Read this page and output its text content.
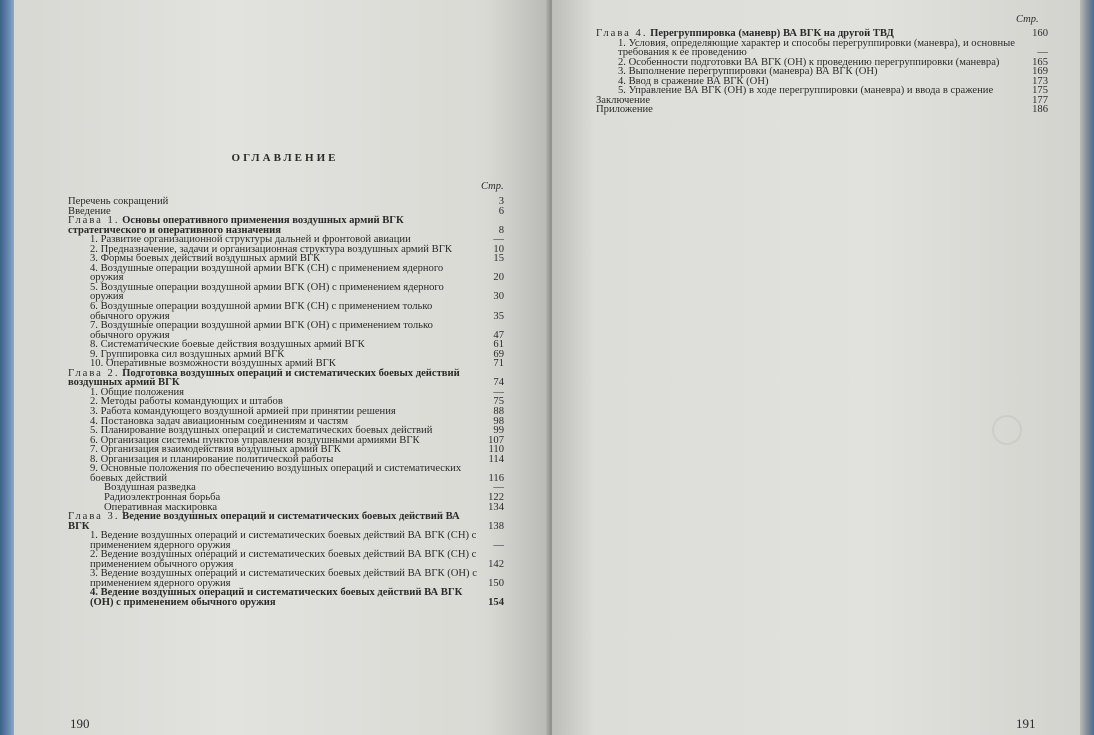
ОГЛАВЛЕНИЕ
Стр.
Стр.
Перечень сокращений	3
Введение	6
Глава 1. Основы оперативного применения воздушных армий ВГК стратегического и оперативного назначения	8
1. Развитие организационной структуры дальней и фронтовой авиации	—
2. Предназначение, задачи и организационная структура воздушных армий ВГК	10
3. Формы боевых действий воздушных армий ВГК	15
4. Воздушные операции воздушной армии ВГК (СН) с применением ядерного оружия	20
5. Воздушные операции воздушной армии ВГК (ОН) с применением ядерного оружия	30
6. Воздушные операции воздушной армии ВГК (СН) с применением только обычного оружия	35
7. Воздушные операции воздушной армии ВГК (ОН) с применением только обычного оружия	47
8. Систематические боевые действия воздушных армий ВГК	61
9. Группировка сил воздушных армий ВГК	69
10. Оперативные возможности воздушных армий ВГК	71
Глава 2. Подготовка воздушных операций и систематических боевых действий воздушных армий ВГК	74
1. Общие положения	—
2. Методы работы командующих и штабов	75
3. Работа командующего воздушной армией при принятии решения	88
4. Постановка задач авиационным соединениям и частям	98
5. Планирование воздушных операций и систематических боевых действий	99
6. Организация системы пунктов управления воздушными армиями ВГК	107
7. Организация взаимодействия воздушных армий ВГК	110
8. Организация и планирование политической работы	114
9. Основные положения по обеспечению воздушных операций и систематических боевых действий	116
Воздушная разведка	—
Радиоэлектронная борьба	122
Оперативная маскировка	134
Глава 3. Ведение воздушных операций и систематических боевых действий ВА ВГК	138
1. Ведение воздушных операций и систематических боевых действий ВА ВГК (СН) с применением ядерного оружия	—
2. Ведение воздушных операций и систематических боевых действий ВА ВГК (СН) с применением обычного оружия	142
3. Ведение воздушных операций и систематических боевых действий ВА ВГК (ОН) с применением ядерного оружия	150
4. Ведение воздушных операций и систематических боевых действий ВА ВГК (ОН) с применением обычного оружия	154
Глава 4. Перегруппировка (маневр) ВА ВГК на другой ТВД	160
1. Условия, определяющие характер и способы перегруппировки (маневра), и основные требования к ее проведению	—
2. Особенности подготовки ВА ВГК (ОН) к проведению перегруппировки (маневра)	165
3. Выполнение перегруппировки (маневра) ВА ВГК (ОН)	169
4. Ввод в сражение ВА ВГК (ОН)	173
5. Управление ВА ВГК (ОН) в ходе перегруппировки (маневра) и ввода в сражение	175
Заключение	177
Приложение	186
190	191
